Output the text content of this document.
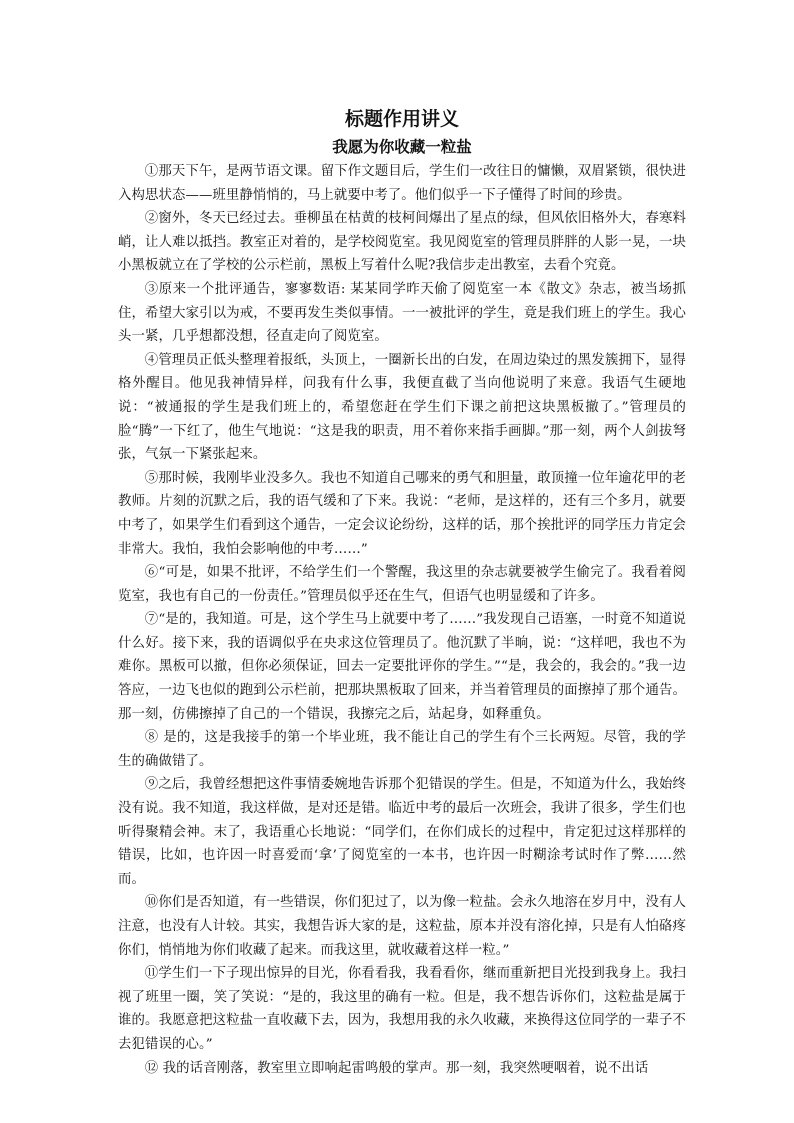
标题作用讲义
我愿为你收藏一粒盐

①那天下午，是两节语文课。留下作文题目后，学生们一改往日的慵懒，双眉紧锁，很快进入构思状态——班里静悄悄的，马上就要中考了。他们似乎一下子懂得了时间的珍贵。

②窗外，冬天已经过去。垂柳虽在枯黄的枝柯间爆出了星点的绿，但风依旧格外大，春寒料峭，让人难以抵挡。教室正对着的，是学校阅览室。我见阅览室的管理员胖胖的人影一晃，一块小黑板就立在了学校的公示栏前，黑板上写着什么呢?我信步走出教室，去看个究竟。

③原来一个批评通告，寥寥数语: 某某同学昨天偷了阅览室一本《散文》杂志，被当场抓住，希望大家引以为戒，不要再发生类似事情。一一被批评的学生，竟是我们班上的学生。我心头一紧，几乎想都没想，径直走向了阅览室。

④管理员正低头整理着报纸，头顶上，一圈新长出的白发，在周边染过的黑发簇拥下，显得格外醒目。他见我神情异样，问我有什么事，我便直截了当向他说明了来意。我语气生硬地说：“被通报的学生是我们班上的，希望您赶在学生们下课之前把这块黑板撤了。”管理员的脸“腾”一下红了，他生气地说：“这是我的职责，用不着你来指手画脚。”那一刻，两个人剑拔弩张，气氛一下紧张起来。

⑤那时候，我刚毕业没多久。我也不知道自己哪来的勇气和胆量，敢顶撞一位年逾花甲的老教师。片刻的沉默之后，我的语气缓和了下来。我说：“老师，是这样的，还有三个多月，就要中考了，如果学生们看到这个通告，一定会议论纷纷，这样的话，那个挨批评的同学压力肯定会非常大。我怕，我怕会影响他的中考……”

⑥“可是，如果不批评，不给学生们一个警醒，我这里的杂志就要被学生偷完了。我看着阅览室，我也有自己的一份责任。”管理员似乎还在生气，但语气也明显缓和了许多。

⑦“是的，我知道。可是，这个学生马上就要中考了……”我发现自己语塞，一时竟不知道说什么好。接下来，我的语调似乎在央求这位管理员了。他沉默了半晌，说：“这样吧，我也不为难你。黑板可以撤，但你必须保证，回去一定要批评你的学生。”“是，我会的，我会的。”我一边答应，一边飞也似的跑到公示栏前，把那块黑板取了回来，并当着管理员的面擦掉了那个通告。那一刻，仿佛擦掉了自己的一个错误，我擦完之后，站起身，如释重负。

⑧ 是的，这是我接手的第一个毕业班，我不能让自己的学生有个三长两短。尽管，我的学生的确做错了。

⑨之后，我曾经想把这件事情委婉地告诉那个犯错误的学生。但是，不知道为什么，我始终没有说。我不知道，我这样做，是对还是错。临近中考的最后一次班会，我讲了很多，学生们也听得聚精会神。末了，我语重心长地说：“同学们，在你们成长的过程中，肯定犯过这样那样的错误，比如，也许因一时喜爱而‘拿’了阅览室的一本书，也许因一时糊涂考试时作了弊……然而。

⑩你们是否知道，有一些错误，你们犯过了，以为像一粒盐。会永久地溶在岁月中，没有人注意，也没有人计较。其实，我想告诉大家的是，这粒盐，原本并没有溶化掉，只是有人怕硌疼你们，悄悄地为你们收藏了起来。而我这里，就收藏着这样一粒。”

⑪学生们一下子现出惊异的目光，你看看我，我看看你，继而重新把目光投到我身上。我扫视了班里一圈，笑了笑说：“是的，我这里的确有一粒。但是，我不想告诉你们，这粒盐是属于谁的。我愿意把这粒盐一直收藏下去，因为，我想用我的永久收藏，来换得这位同学的一辈子不去犯错误的心。”

⑫ 我的话音刚落，教室里立即响起雷鸣般的掌声。那一刻，我突然哽咽着，说不出话
